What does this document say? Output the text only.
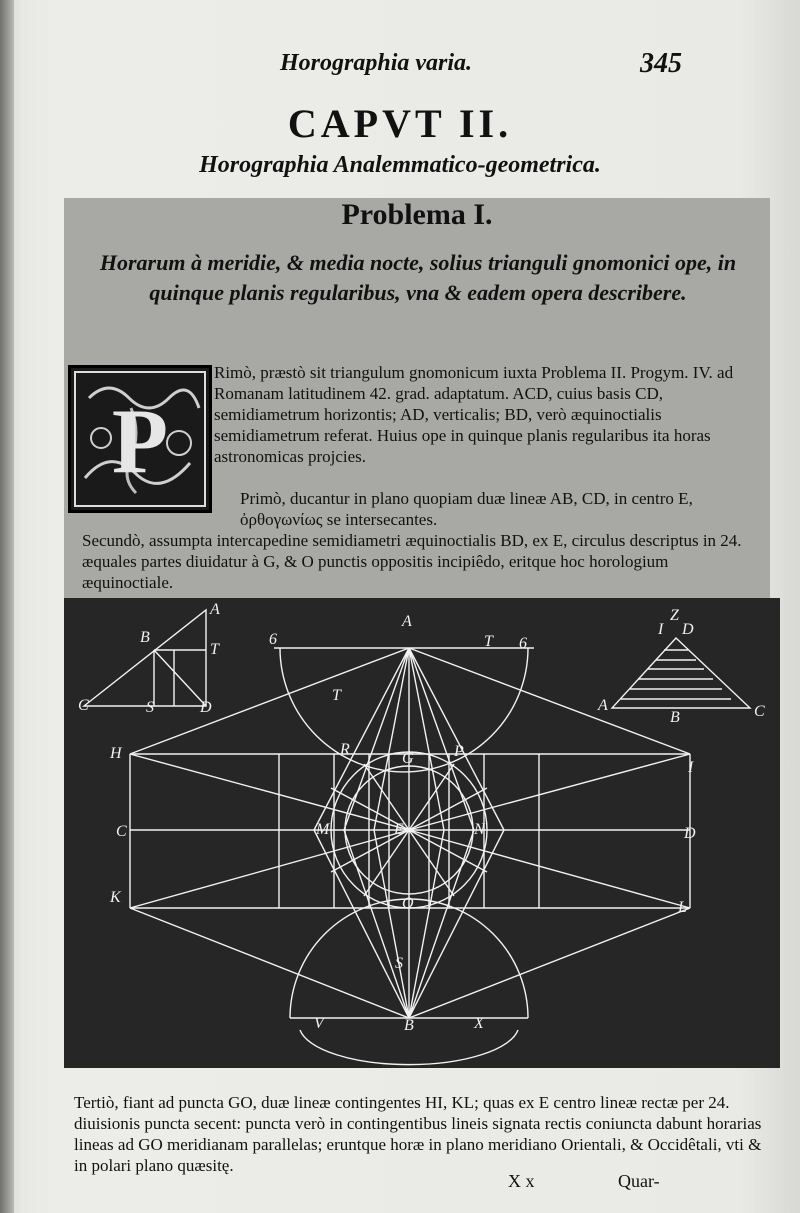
Horographia varia.	345
CAPVT II.
Horographia Analemmatico-geometrica.
Problema I.
Horarum à meridie, & media nocte, solius trianguli gnomonici ope, in quinque planis regularibus, vna & eadem opera describere.
P
Rimò, præstò sit triangulum gnomonicum iuxta Problema II. Progym. IV. ad Romanam latitudinem 42. grad. adaptatum. ACD, cuius basis CD, semidiametrum horizontis; AD, verticalis; BD, verò æquinoctialis semidiametrum referat. Huius ope in quinque planis regularibus ita horas astronomicas projcies.
Primò, ducantur in plano quopiam duæ lineæ AB, CD, in centro E, ὀρθογωνίως se intersecantes.
Secundò, assumpta intercapedine semidiametri æquinoctialis BD, ex E, circulus descriptus in 24. æquales partes diuidatur à G, & O punctis oppositis incipiêdo, eritque hoc horologium æquinoctiale.
A
B
C	D
E
G
O
H
I
K
L
M	N
T
T
S
V	X
R	P
6	6
A
B
T
C	S	D
Z
I D
A
B	C
Tertiò, fiant ad puncta GO, duæ lineæ contingentes HI, KL; quas ex E centro lineæ rectæ per 24. diuisionis puncta secent: puncta verò in contingentibus lineis signata rectis coniuncta dabunt horarias lineas ad GO meridianam parallelas; eruntque horæ in plano meridiano Orientali, & Occidêtali, vti & in polari plano quæsitę.
X x	Quar-
